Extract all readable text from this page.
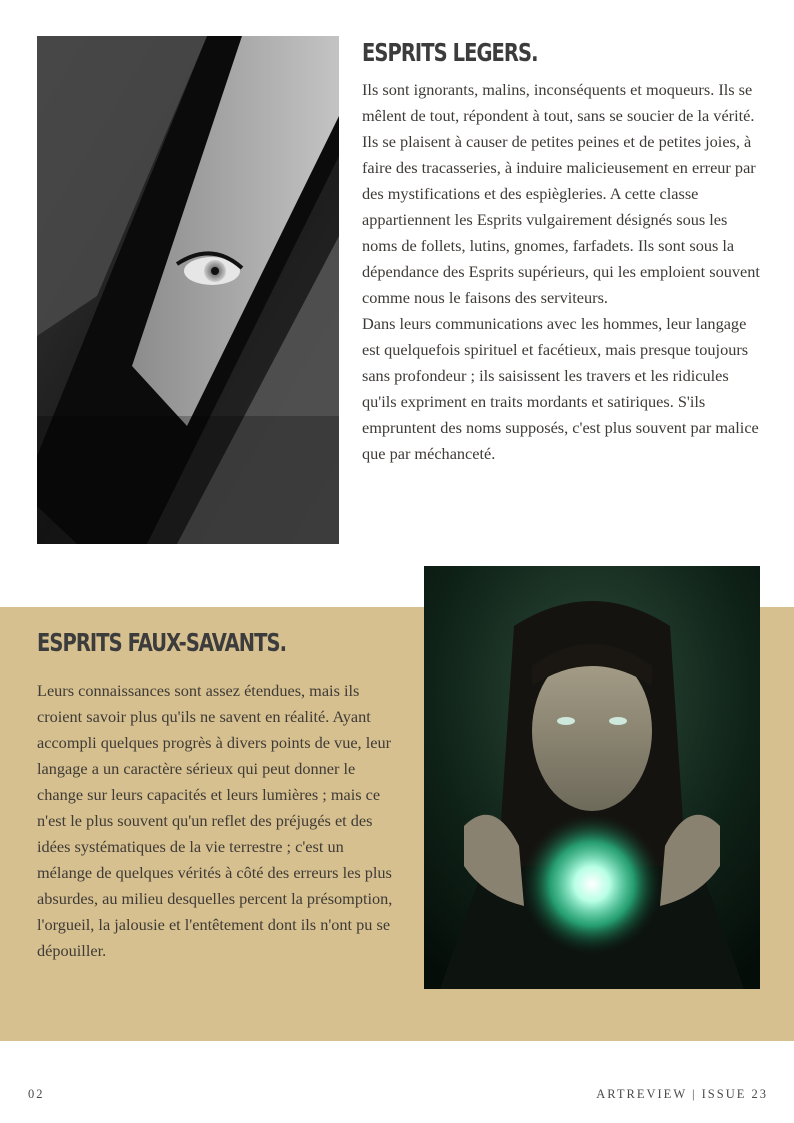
ESPRITS LEGERS.

Ils sont ignorants, malins, inconséquents et moqueurs. Ils se mêlent de tout, répondent à tout, sans se soucier de la vérité. Ils se plaisent à causer de petites peines et de petites joies, à faire des tracasseries, à induire malicieusement en erreur par des mystifications et des espiègleries. A cette classe appartiennent les Esprits vulgairement désignés sous les noms de follets, lutins, gnomes, farfadets. Ils sont sous la dépendance des Esprits supérieurs, qui les emploient souvent comme nous le faisons des serviteurs.

Dans leurs communications avec les hommes, leur langage est quelquefois spirituel et facétieux, mais presque toujours sans profondeur ; ils saisissent les travers et les ridicules qu'ils expriment en traits mordants et satiriques. S'ils empruntent des noms supposés, c'est plus souvent par malice que par méchanceté.

ESPRITS FAUX-SAVANTS.

Leurs connaissances sont assez étendues, mais ils croient savoir plus qu'ils ne savent en réalité. Ayant accompli quelques progrès à divers points de vue, leur langage a un caractère sérieux qui peut donner le change sur leurs capacités et leurs lumières ; mais ce n'est le plus souvent qu'un reflet des préjugés et des idées systématiques de la vie terrestre ; c'est un mélange de quelques vérités à côté des erreurs les plus absurdes, au milieu desquelles percent la présomption, l'orgueil, la jalousie et l'entêtement dont ils n'ont pu se dépouiller.

02	ARTREVIEW | ISSUE 23
